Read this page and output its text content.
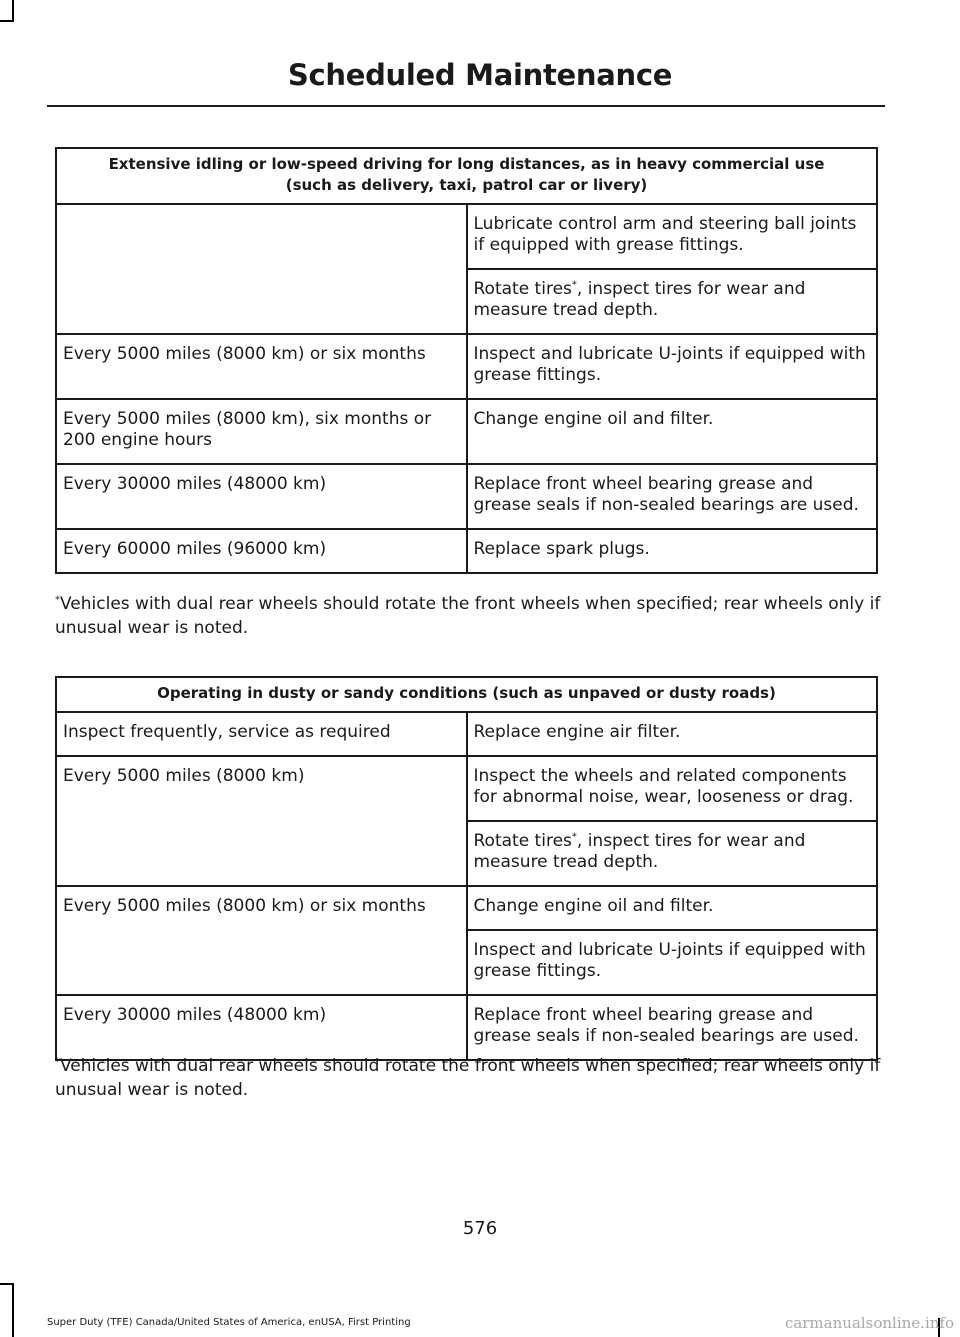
Scheduled Maintenance
Extensive idling or low-speed driving for long distances, as in heavy commercial use
(such as delivery, taxi, patrol car or livery)	
	Lubricate control arm and steering ball joints if equipped with grease fittings.
	Rotate tires*, inspect tires for wear and measure tread depth.
Every 5000 miles (8000 km) or six months	Inspect and lubricate U-joints if equipped with grease fittings.
Every 5000 miles (8000 km), six months or 200 engine hours	Change engine oil and filter.
Every 30000 miles (48000 km)	Replace front wheel bearing grease and grease seals if non-sealed bearings are used.
Every 60000 miles (96000 km)	Replace spark plugs.
*Vehicles with dual rear wheels should rotate the front wheels when specified; rear wheels only if unusual wear is noted.
Operating in dusty or sandy conditions (such as unpaved or dusty roads)	
Inspect frequently, service as required	Replace engine air filter.
Every 5000 miles (8000 km)	Inspect the wheels and related components for abnormal noise, wear, looseness or drag.
	Rotate tires*, inspect tires for wear and measure tread depth.
Every 5000 miles (8000 km) or six months	Change engine oil and filter.
	Inspect and lubricate U-joints if equipped with grease fittings.
Every 30000 miles (48000 km)	Replace front wheel bearing grease and grease seals if non-sealed bearings are used.
*Vehicles with dual rear wheels should rotate the front wheels when specified; rear wheels only if unusual wear is noted.
576
Super Duty (TFE) Canada/United States of America, enUSA, First Printing	carmanualsonline.info
